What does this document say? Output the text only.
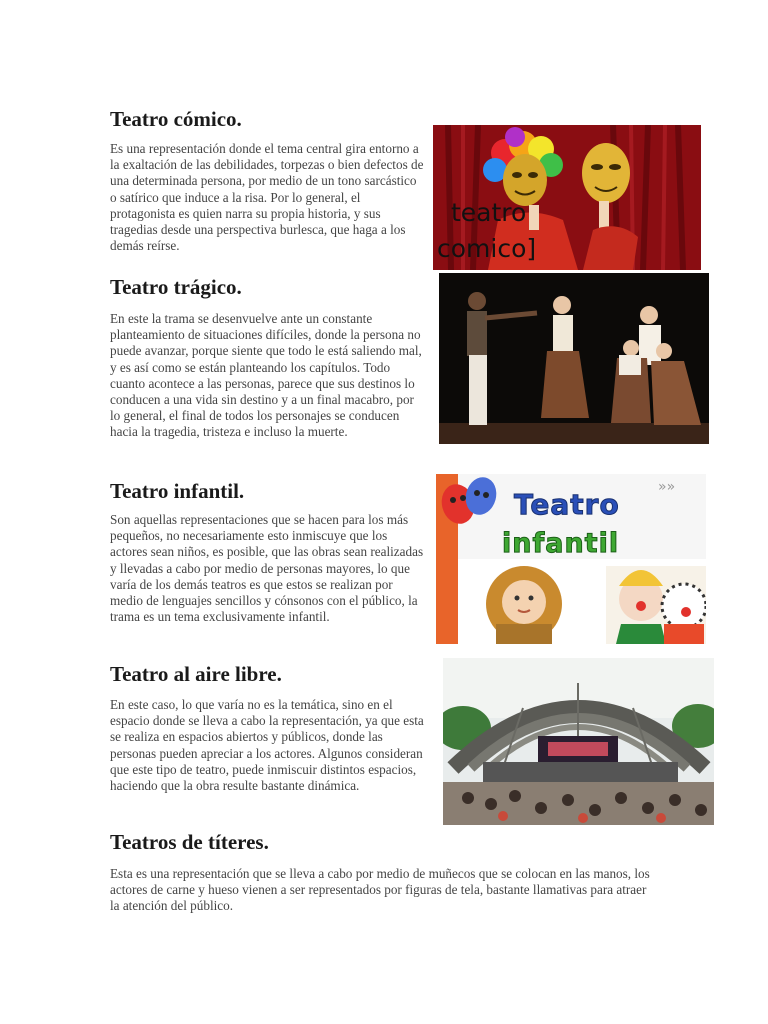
Teatro cómico.

Es una representación donde el tema central gira entorno a la exaltación de las debilidades, torpezas o bien defectos de una determinada persona, por medio de un tono sarcástico o satírico que induce a la risa. Por lo general, el protagonista es quien narra su propia historia, y sus tragedias desde una perspectiva burlesca, que haga a los demás reírse.

teatro comico]
Teatro trágico.

En este la trama se desenvuelve ante un constante planteamiento de situaciones difíciles, donde la persona no puede avanzar, porque siente que todo le está saliendo mal, y es así como se están planteando los capítulos. Todo cuanto acontece a las personas, parece que sus destinos lo conducen a una vida sin destino y a un final macabro, por lo general, el final de todos los personajes se conducen hacia la tragedia, tristeza e incluso la muerte.

Teatro infantil.

Son aquellas representaciones que se hacen para los más pequeños, no necesariamente esto inmiscuye que los actores sean niños, es posible, que las obras sean realizadas y llevadas a cabo por medio de personas mayores, lo que varía de los demás teatros es que estos se realizan por medio de lenguajes sencillos y cónsonos con el público, la trama es un tema exclusivamente infantil.

»»
Teatro
infantil
Teatro al aire libre.

En este caso, lo que varía no es la temática, sino en el espacio donde se lleva a cabo la representación, ya que esta se realiza en espacios abiertos y públicos, donde las personas pueden apreciar a los actores. Algunos consideran que este tipo de teatro, puede inmiscuir distintos espacios, haciendo que la obra resulte bastante dinámica.

Teatros de títeres.

Esta es una representación que se lleva a cabo por medio de muñecos que se colocan en las manos, los actores de carne y hueso vienen a ser representados por figuras de tela, bastante llamativas para atraer la atención del público.
